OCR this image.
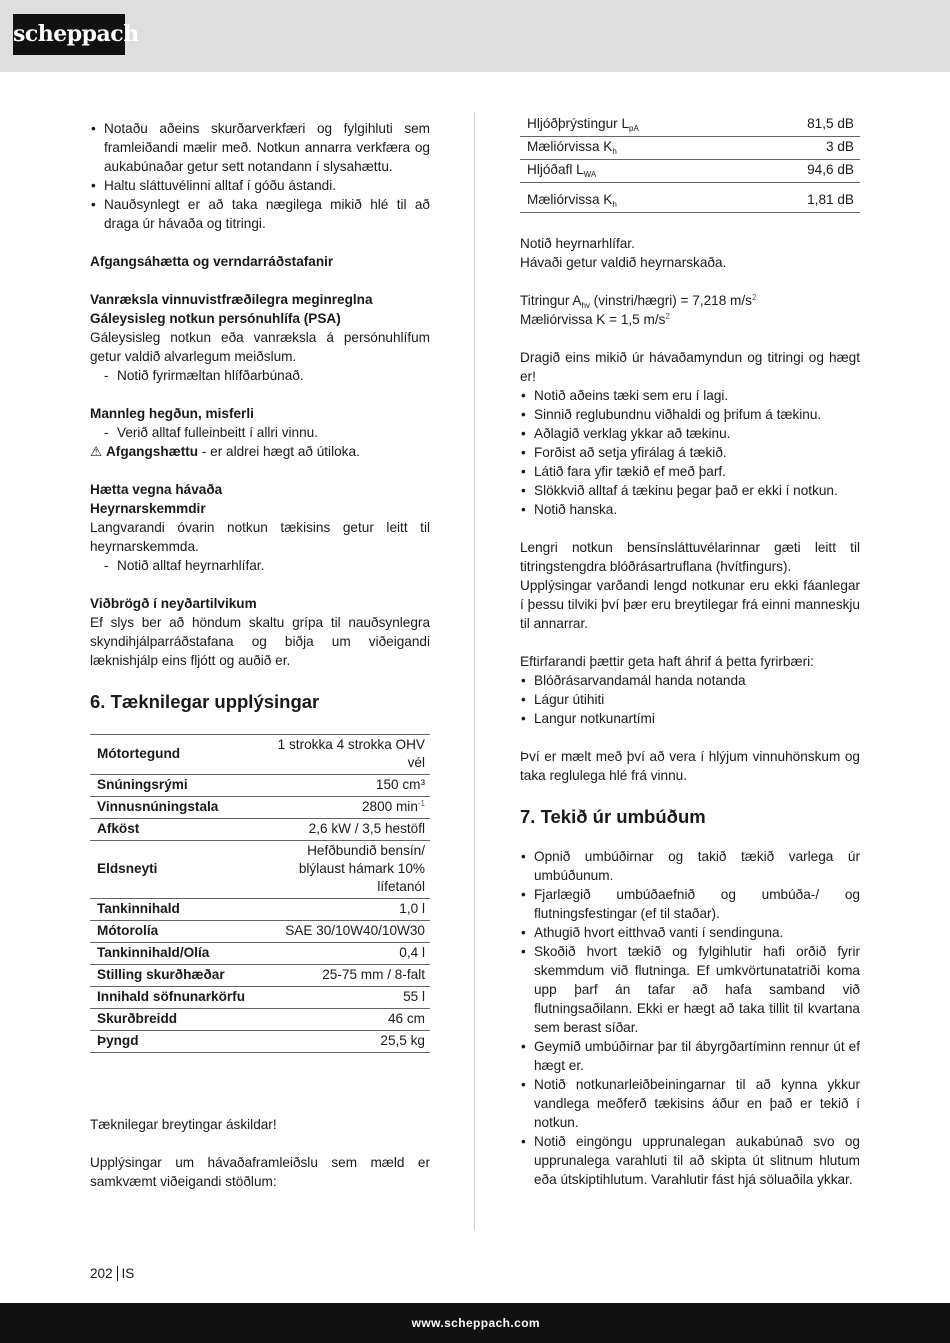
scheppach
• Notaðu aðeins skurðarverkfæri og fylgihluti sem framleiðandi mælir með. Notkun annarra verkfæra og aukabúnaðar getur sett notandann í slysahættu.
• Haltu sláttuvélinni alltaf í góðu ástandi.
• Nauðsynlegt er að taka nægilega mikið hlé til að draga úr hávaða og titringi.
Afgangsáhætta og verndarráðstafanir
Vanræksla vinnuvistfræðilegra meginreglna
Gáleysisleg notkun persónuhlífa (PSA)
Gáleysisleg notkun eða vanræksla á persónuhlífum getur valdið alvarlegum meiðslum.
- Notið fyrirmæltan hlífðarbúnað.
Mannleg hegðun, misferli
- Verið alltaf fulleinbeitt í allri vinnu.
⚠ Afgangshættu - er aldrei hægt að útiloka.
Hætta vegna hávaða
Heyrnarskemmdir
Langvarandi óvarin notkun tækisins getur leitt til heyrnarskemmda.
- Notið alltaf heyrnarhlífar.
Viðbrögð í neyðartilvikum
Ef slys ber að höndum skaltu grípa til nauðsynlegra skyndihjálparráðstafana og biðja um viðeigandi læknishjálp eins fljótt og auðið er.
6. Tæknilegar upplýsingar
Mótortegund	1 strokka 4 strokka OHV vél
Snúningsrými	150 cm³
Vinnusnúningstala	2800 $\min^{-1}$
Afköst	2,6 kW / 3,5 hestöfl
Eldsneyti	Hefðbundið bensín/ blýlaust hámark 10% lífetanól
Tankinnihald	1,0 l
Mótorolía	SAE 30/10W40/10W30
Tankinnihald/Olía	0,4 l
Stilling skurðhæðar	25-75 mm / 8-falt
Innihald söfnunarkörfu	55 l
Skurðbreidd	46 cm
Þyngd	25,5 kg
Tæknilegar breytingar áskildar!
Upplýsingar um hávaðaframleiðslu sem mæld er samkvæmt viðeigandi stöðlum:
Hljóðþrýstingur $L_{pA}$	81,5 dB
Mæliórvissa $K_h$	3 dB
Hljóðafl $L_{WA}$	94,6 dB
Mæliórvissa $K_h$	1,81 dB
Notið heyrnarhlífar.
Hávaði getur valdið heyrnarskaða.
Titringur $A_{hv}$ (vinstri/hægri) = 7,218 $m/s^2$
Mæliórvissa K = 1,5 $m/s^2$
Dragið eins mikið úr hávaðamyndun og titringi og hægt er!
• Notið aðeins tæki sem eru í lagi.
• Sinnið reglubundnu viðhaldi og þrifum á tækinu.
• Aðlagið verklag ykkar að tækinu.
• Forðist að setja yfirálag á tækið.
• Látið fara yfir tækið ef með þarf.
• Slökkvið alltaf á tækinu þegar það er ekki í notkun.
• Notið hanska.
Lengri notkun bensínsláttuvélarinnar gæti leitt til titringstengdra blóðrásartruflana (hvítfingurs).
Upplýsingar varðandi lengd notkunar eru ekki fáanlegar í þessu tilviki því þær eru breytilegar frá einni manneskju til annarrar.
Eftirfarandi þættir geta haft áhrif á þetta fyrirbæri:
• Blóðrásarvandamál handa notanda
• Lágur útihiti
• Langur notkunartími
Því er mælt með því að vera í hlýjum vinnuhönskum og taka reglulega hlé frá vinnu.
7. Tekið úr umbúðum
• Opnið umbúðirnar og takið tækið varlega úr umbúðunum.
• Fjarlægið umbúðaefnið og umbúða-/ og flutningsfestingar (ef til staðar).
• Athugið hvort eitthvað vanti í sendinguna.
• Skoðið hvort tækið og fylgihlutir hafi orðið fyrir skemmdum við flutninga. Ef umkvörtunatatriði koma upp þarf án tafar að hafa samband við flutningsaðilann. Ekki er hægt að taka tillit til kvartana sem berast síðar.
• Geymið umbúðirnar þar til ábyrgðartíminn rennur út ef hægt er.
• Notið notkunarleiðbeiningarnar til að kynna ykkur vandlega meðferð tækisins áður en það er tekið í notkun.
• Notið eingöngu upprunalegan aukabúnað svo og upprunalega varahluti til að skipta út slitnum hlutum eða útskiptihlutum. Varahlutir fást hjá söluaðila ykkar.
202 IS
www.scheppach.com
